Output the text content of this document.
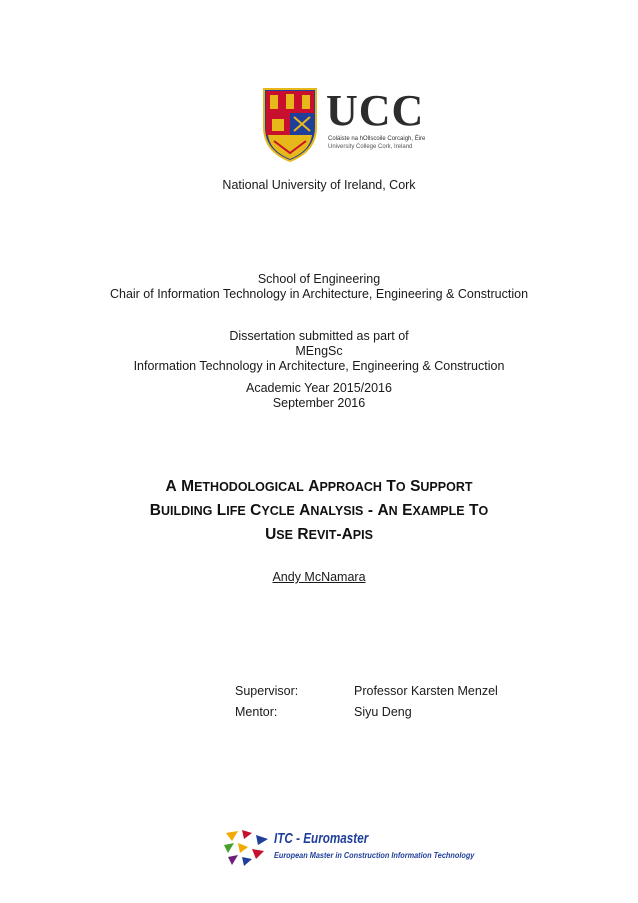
UCC
Coláiste na hOllscoile Corcaigh, Éire
University College Cork, Ireland
National University of Ireland, Cork
School of Engineering
Chair of Information Technology in Architecture, Engineering & Construction
Dissertation submitted as part of
MEngSc
Information Technology in Architecture, Engineering & Construction
Academic Year 2015/2016
September 2016
A METHODOLOGICAL APPROACH TO SUPPORT
BUILDING LIFE CYCLE ANALYSIS - AN EXAMPLE TO
USE REVIT-APIS
Andy McNamara
Supervisor:	Professor Karsten Menzel
Mentor:	Siyu Deng
ITC - Euromaster
European Master in Construction Information Technology
